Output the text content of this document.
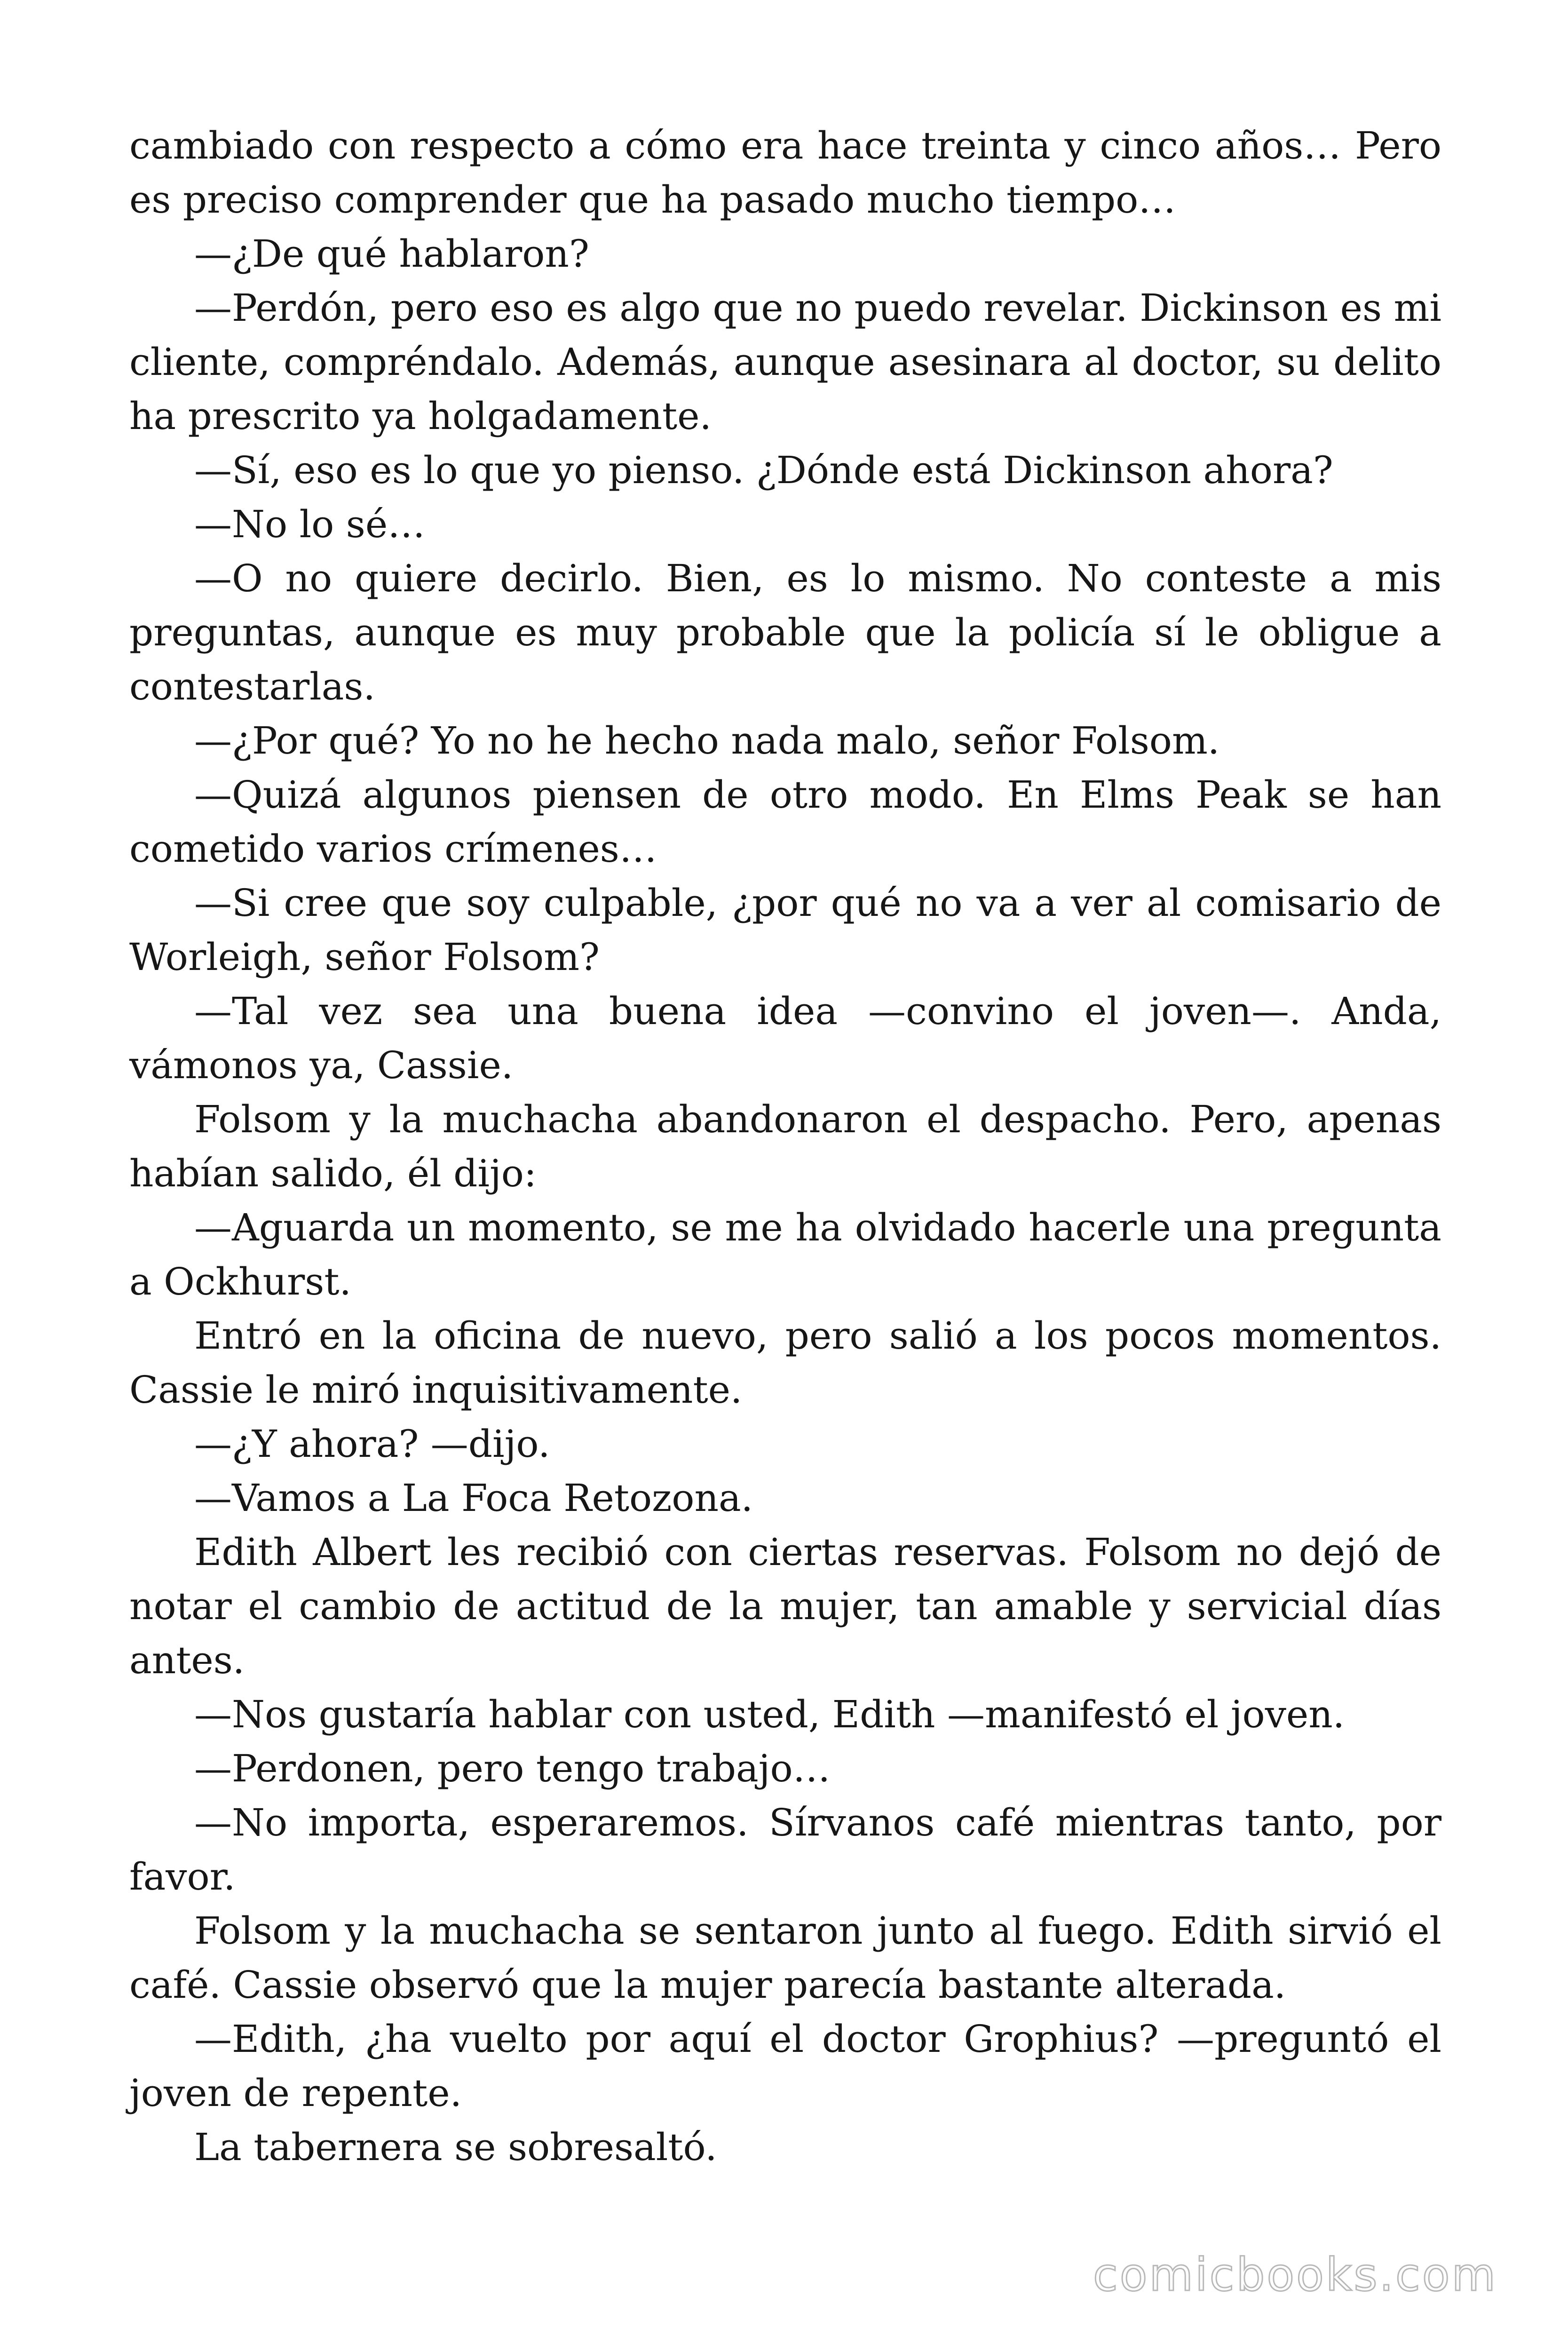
cambiado con respecto a cómo era hace treinta y cinco años… Pero es preciso comprender que ha pasado mucho tiempo…

—¿De qué hablaron?

—Perdón, pero eso es algo que no puedo revelar. Dickinson es mi cliente, compréndalo. Además, aunque asesinara al doctor, su delito ha prescrito ya holgadamente.

—Sí, eso es lo que yo pienso. ¿Dónde está Dickinson ahora?

—No lo sé…

—O no quiere decirlo. Bien, es lo mismo. No conteste a mis preguntas, aunque es muy probable que la policía sí le obligue a contestarlas.

—¿Por qué? Yo no he hecho nada malo, señor Folsom.

—Quizá algunos piensen de otro modo. En Elms Peak se han cometido varios crímenes…

—Si cree que soy culpable, ¿por qué no va a ver al comisario de Worleigh, señor Folsom?

—Tal vez sea una buena idea —convino el joven—. Anda, vámonos ya, Cassie.

Folsom y la muchacha abandonaron el despacho. Pero, apenas habían salido, él dijo:

—Aguarda un momento, se me ha olvidado hacerle una pregunta a Ockhurst.

Entró en la oficina de nuevo, pero salió a los pocos momentos. Cassie le miró inquisitivamente.

—¿Y ahora? —dijo.

—Vamos a La Foca Retozona.

Edith Albert les recibió con ciertas reservas. Folsom no dejó de notar el cambio de actitud de la mujer, tan amable y servicial días antes.

—Nos gustaría hablar con usted, Edith —manifestó el joven.

—Perdonen, pero tengo trabajo…

—No importa, esperaremos. Sírvanos café mientras tanto, por favor.

Folsom y la muchacha se sentaron junto al fuego. Edith sirvió el café. Cassie observó que la mujer parecía bastante alterada.

—Edith, ¿ha vuelto por aquí el doctor Grophius? —preguntó el joven de repente.

La tabernera se sobresaltó.

comicbooks.com
